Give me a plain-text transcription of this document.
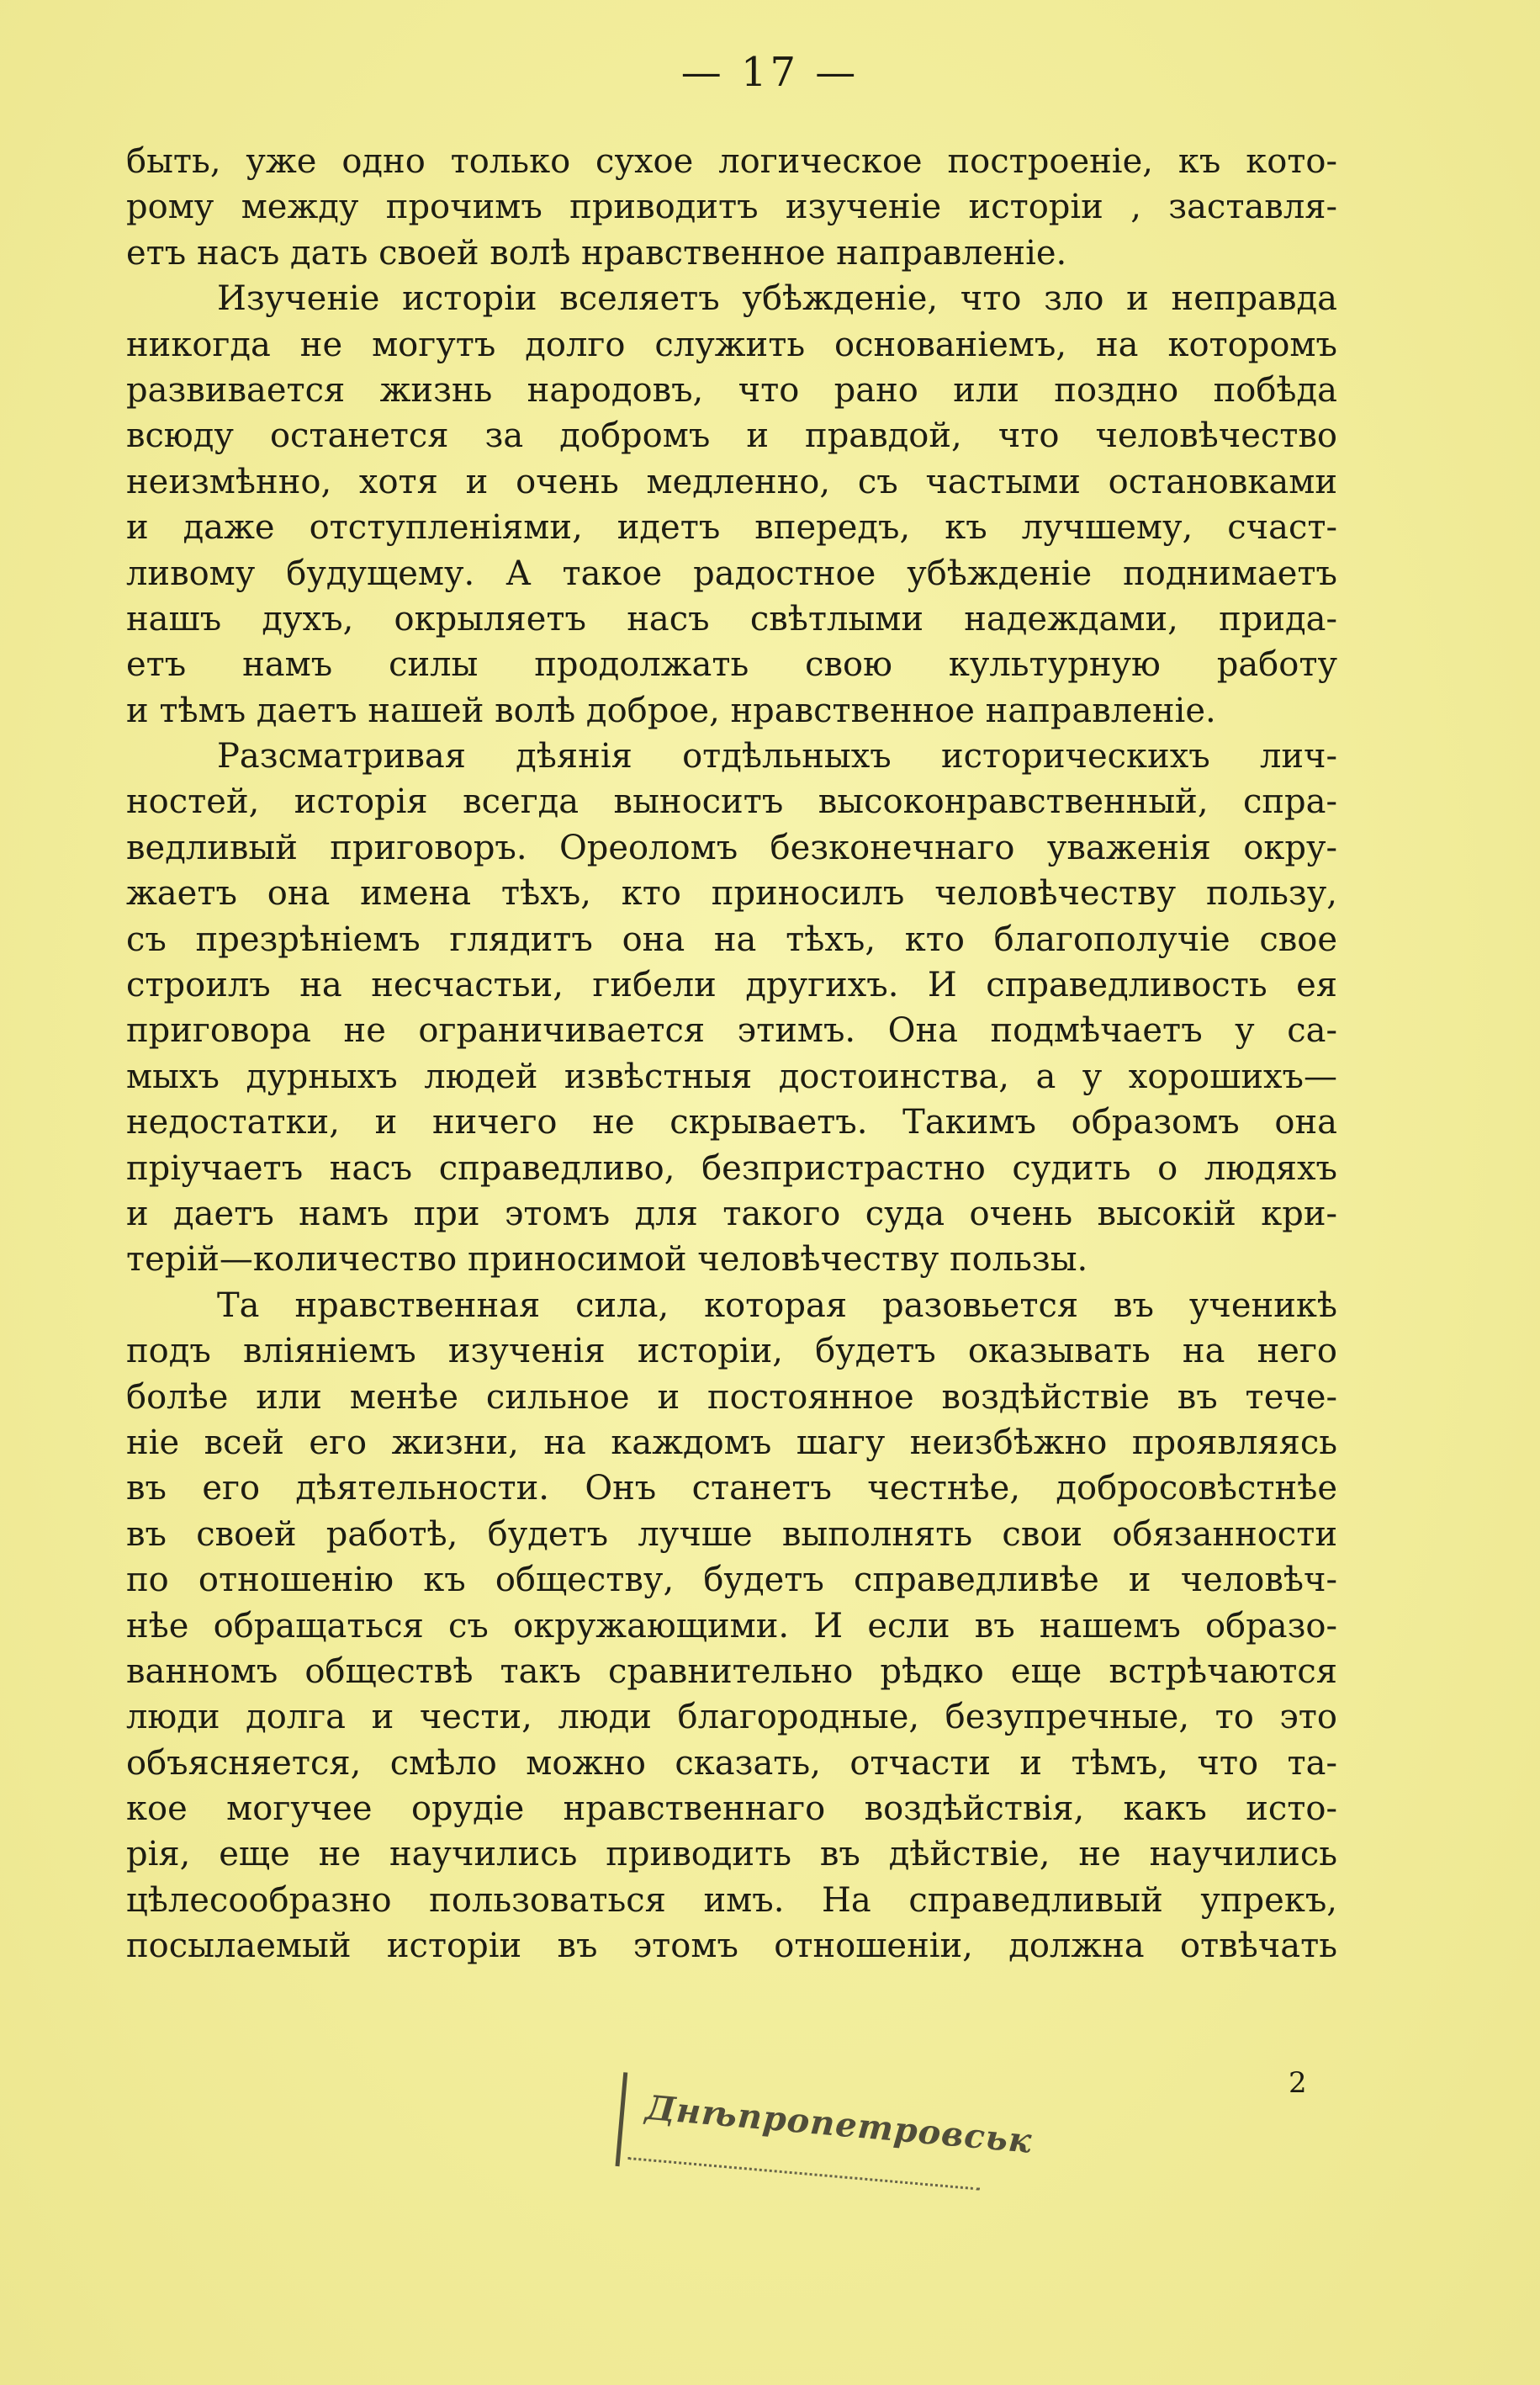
— 17 —
быть, уже одно только сухое логическое построеніе, къ кото-
рому между прочимъ приводитъ изученіе исторіи , заставля-
етъ насъ дать своей волѣ нравственное направленіе.
Изученіе исторіи вселяетъ убѣжденіе, что зло и неправда
никогда не могутъ долго служить основаніемъ, на которомъ
развивается жизнь народовъ, что рано или поздно побѣда
всюду останется за добромъ и правдой, что человѣчество
неизмѣнно, хотя и очень медленно, съ частыми остановками
и даже отступленіями, идетъ впередъ, къ лучшему, счаст-
ливому будущему. А такое радостное убѣжденіе поднимаетъ
нашъ духъ, окрыляетъ насъ свѣтлыми надеждами, прида-
етъ намъ силы продолжать свою культурную работу
и тѣмъ даетъ нашей волѣ доброе, нравственное направленіе.
Разсматривая дѣянія отдѣльныхъ историческихъ лич-
ностей, исторія всегда выноситъ высоконравственный, спра-
ведливый приговоръ. Ореоломъ безконечнаго уваженія окру-
жаетъ она имена тѣхъ, кто приносилъ человѣчеству пользу,
съ презрѣніемъ глядитъ она на тѣхъ, кто благополучіе свое
строилъ на несчастьи, гибели другихъ. И справедливость ея
приговора не ограничивается этимъ. Она подмѣчаетъ у са-
мыхъ дурныхъ людей извѣстныя достоинства, а у хорошихъ—
недостатки, и ничего не скрываетъ. Такимъ образомъ она
пріучаетъ насъ справедливо, безпристрастно судить о людяхъ
и даетъ намъ при этомъ для такого суда очень высокій кри-
терій—количество приносимой человѣчеству пользы.
Та нравственная сила, которая разовьется въ ученикѣ
подъ вліяніемъ изученія исторіи, будетъ оказывать на него
болѣе или менѣе сильное и постоянное воздѣйствіе въ тече-
ніе всей его жизни, на каждомъ шагу неизбѣжно проявляясь
въ его дѣятельности. Онъ станетъ честнѣе, добросовѣстнѣе
въ своей работѣ, будетъ лучше выполнять свои обязанности
по отношенію къ обществу, будетъ справедливѣе и человѣч-
нѣе обращаться съ окружающими. И если въ нашемъ образо-
ванномъ обществѣ такъ сравнительно рѣдко еще встрѣчаются
люди долга и чести, люди благородные, безупречные, то это
объясняется, смѣло можно сказать, отчасти и тѣмъ, что та-
кое могучее орудіе нравственнаго воздѣйствія, какъ исто-
рія, еще не научились приводить въ дѣйствіе, не научились
цѣлесообразно пользоваться имъ. На справедливый упрекъ,
посылаемый исторіи въ этомъ отношеніи, должна отвѣчать
2
Днѣпропетровськ
